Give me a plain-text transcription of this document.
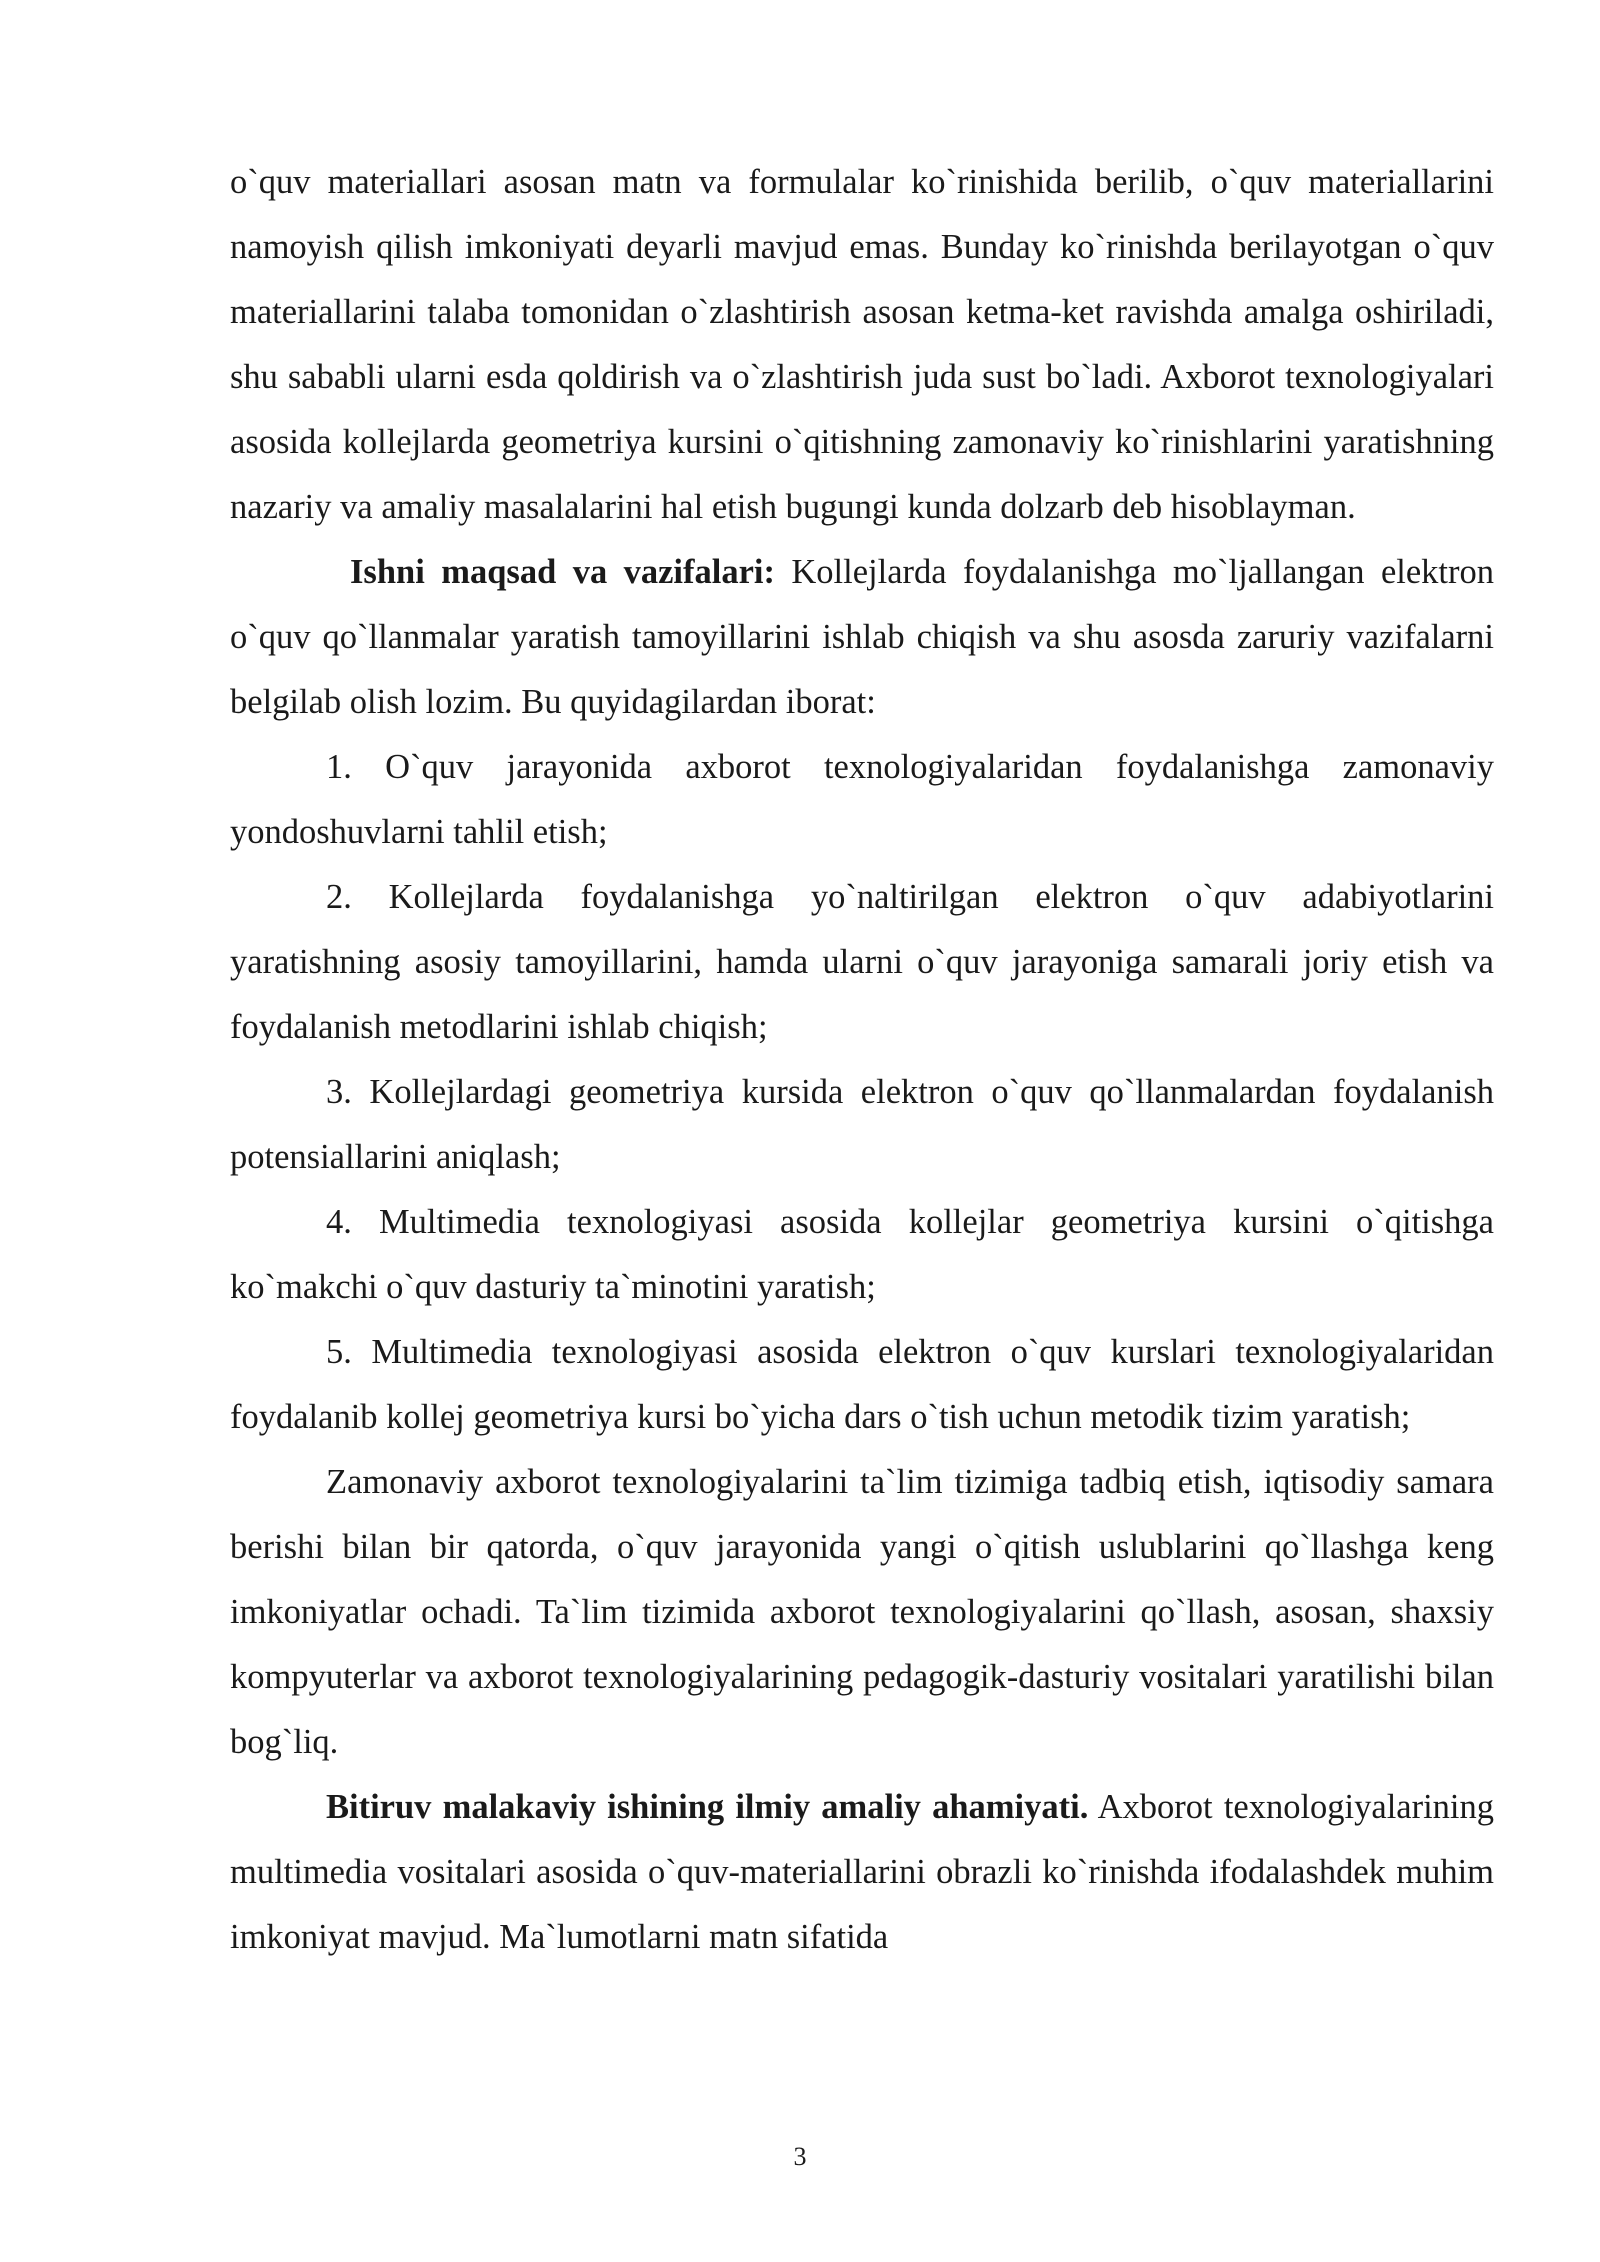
o`quv materiallari asosan matn va formulalar ko`rinishida berilib, o`quv materiallarini namoyish qilish imkoniyati deyarli mavjud emas. Bunday ko`rinishda berilayotgan o`quv materiallarini talaba tomonidan o`zlashtirish asosan ketma-ket ravishda amalga oshiriladi, shu sababli ularni esda qoldirish va o`zlashtirish juda sust bo`ladi. Axborot texnologiyalari asosida kollejlarda geometriya kursini o`qitishning zamonaviy ko`rinishlarini yaratishning nazariy va amaliy masalalarini hal etish bugungi kunda dolzarb deb hisoblayman.

Ishni maqsad va vazifalari: Kollejlarda foydalanishga mo`ljallangan elektron o`quv qo`llanmalar yaratish tamoyillarini ishlab chiqish va shu asosda zaruriy vazifalarni belgilab olish lozim. Bu quyidagilardan iborat:

1. O`quv jarayonida axborot texnologiyalaridan foydalanishga zamonaviy yondoshuvlarni tahlil etish;

2. Kollejlarda foydalanishga yo`naltirilgan elektron o`quv adabiyotlarini yaratishning asosiy tamoyillarini, hamda ularni o`quv jarayoniga samarali joriy etish va foydalanish metodlarini ishlab chiqish;

3. Kollejlardagi geometriya kursida elektron o`quv qo`llanmalardan foydalanish potensiallarini aniqlash;

4. Multimedia texnologiyasi asosida kollejlar geometriya kursini o`qitishga ko`makchi o`quv dasturiy ta`minotini yaratish;

5. Multimedia texnologiyasi asosida elektron o`quv kurslari texnologiyalaridan foydalanib kollej geometriya kursi bo`yicha dars o`tish uchun metodik tizim yaratish;

Zamonaviy axborot texnologiyalarini ta`lim tizimiga tadbiq etish, iqtisodiy samara berishi bilan bir qatorda, o`quv jarayonida yangi o`qitish uslublarini qo`llashga keng imkoniyatlar ochadi. Ta`lim tizimida axborot texnologiyalarini qo`llash, asosan, shaxsiy kompyuterlar va axborot texnologiyalarining pedagogik-dasturiy vositalari yaratilishi bilan bog`liq.

Bitiruv malakaviy ishining ilmiy amaliy ahamiyati. Axborot texnologiyalarining multimedia vositalari asosida o`quv-materiallarini obrazli ko`rinishda ifodalashdek muhim imkoniyat mavjud. Ma`lumotlarni matn sifatida

3
